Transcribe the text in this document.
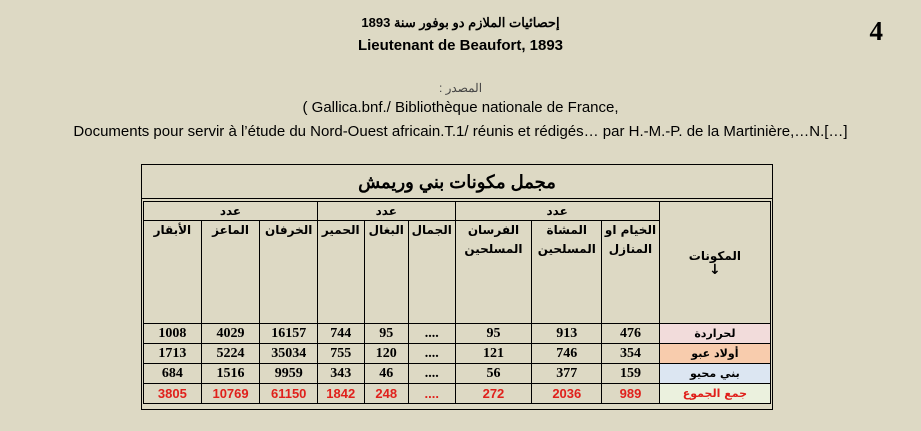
4
إحصائيات الملازم دو بوفور سنة 1893
Lieutenant de Beaufort, 1893
المصدر :
( Gallica.bnf./ Bibliothèque nationale de France,
Documents pour servir à l’étude du Nord-Ouest africain.T.1/ réunis et rédigés… par H.-M.-P. de la Martinière,…N.[…]
مجمل مكونات بني وريمش
المكونات
↓	عدد			عدد			عدد		
	الخيام او المنازل	المشاة المسلحين	الفرسان المسلحين	الجمال	البغال	الحمير	الخرفان	الماعز	الأبقار
لحراردة	476	913	95	....	95	744	16157	4029	1008
أولاد عبو	354	746	121	....	120	755	35034	5224	1713
بني محيو	159	377	56	....	46	343	9959	1516	684
جمع الجموع	989	2036	272	....	248	1842	61150	10769	3805
